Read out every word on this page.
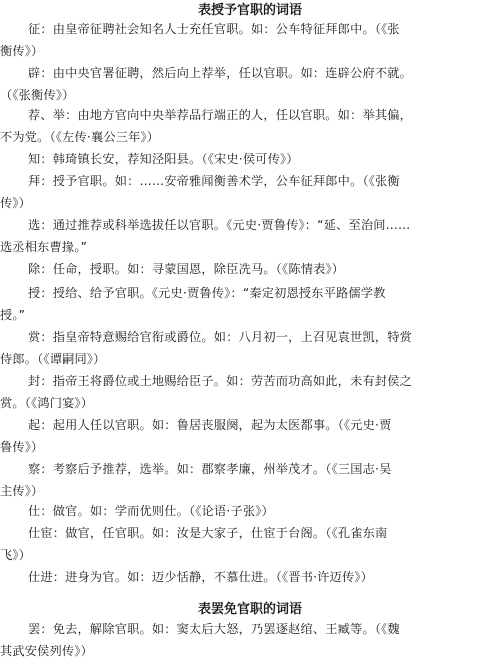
表授予官职的词语
征：由皇帝征聘社会知名人士充任官职。如：公车特征拜郎中。（《张
衡传》）
辟：由中央官署征聘，然后向上荐举，任以官职。如：连辟公府不就。
（《张衡传》）
荐、举：由地方官向中央举荐品行端正的人，任以官职。如：举其偏，
不为党。（《左传·襄公三年》）
知：韩琦镇长安，荐知泾阳县。（《宋史·侯可传》）
拜：授予官职。如：……安帝雅闻衡善术学，公车征拜郎中。（《张衡
传》）
选：通过推荐或科举选拔任以官职。《元史·贾鲁传》：“延、至治间……
选丞相东曹掾。”
除：任命，授职。如：寻蒙国恩，除臣冼马。（《陈情表》）
授：授给、给予官职。《元史·贾鲁传》：“秦定初恩授东平路儒学教
授。”
赏：指皇帝特意赐给官衔或爵位。如：八月初一，上召见袁世凯，特赏
侍郎。（《谭嗣同》）
封：指帝王将爵位或土地赐给臣子。如：劳苦而功高如此，未有封侯之
赏。（《鸿门宴》）
起：起用人任以官职。如：鲁居丧服阕，起为太医都事。（《元史·贾
鲁传》）
察：考察后予推荐，选举。如：郡察孝廉，州举茂才。（《三国志·吴
主传》）
仕：做官。如：学而优则仕。（《论语·子张》）
仕宦：做官，任官职。如：汝是大家子，仕宦于台阁。（《孔雀东南
飞》）
仕进：进身为官。如：迈少恬静，不慕仕进。（《晋书·许迈传》）
表罢免官职的词语
罢：免去，解除官职。如：窦太后大怒，乃罢逐赵绾、王臧等。（《魏
其武安侯列传》）
